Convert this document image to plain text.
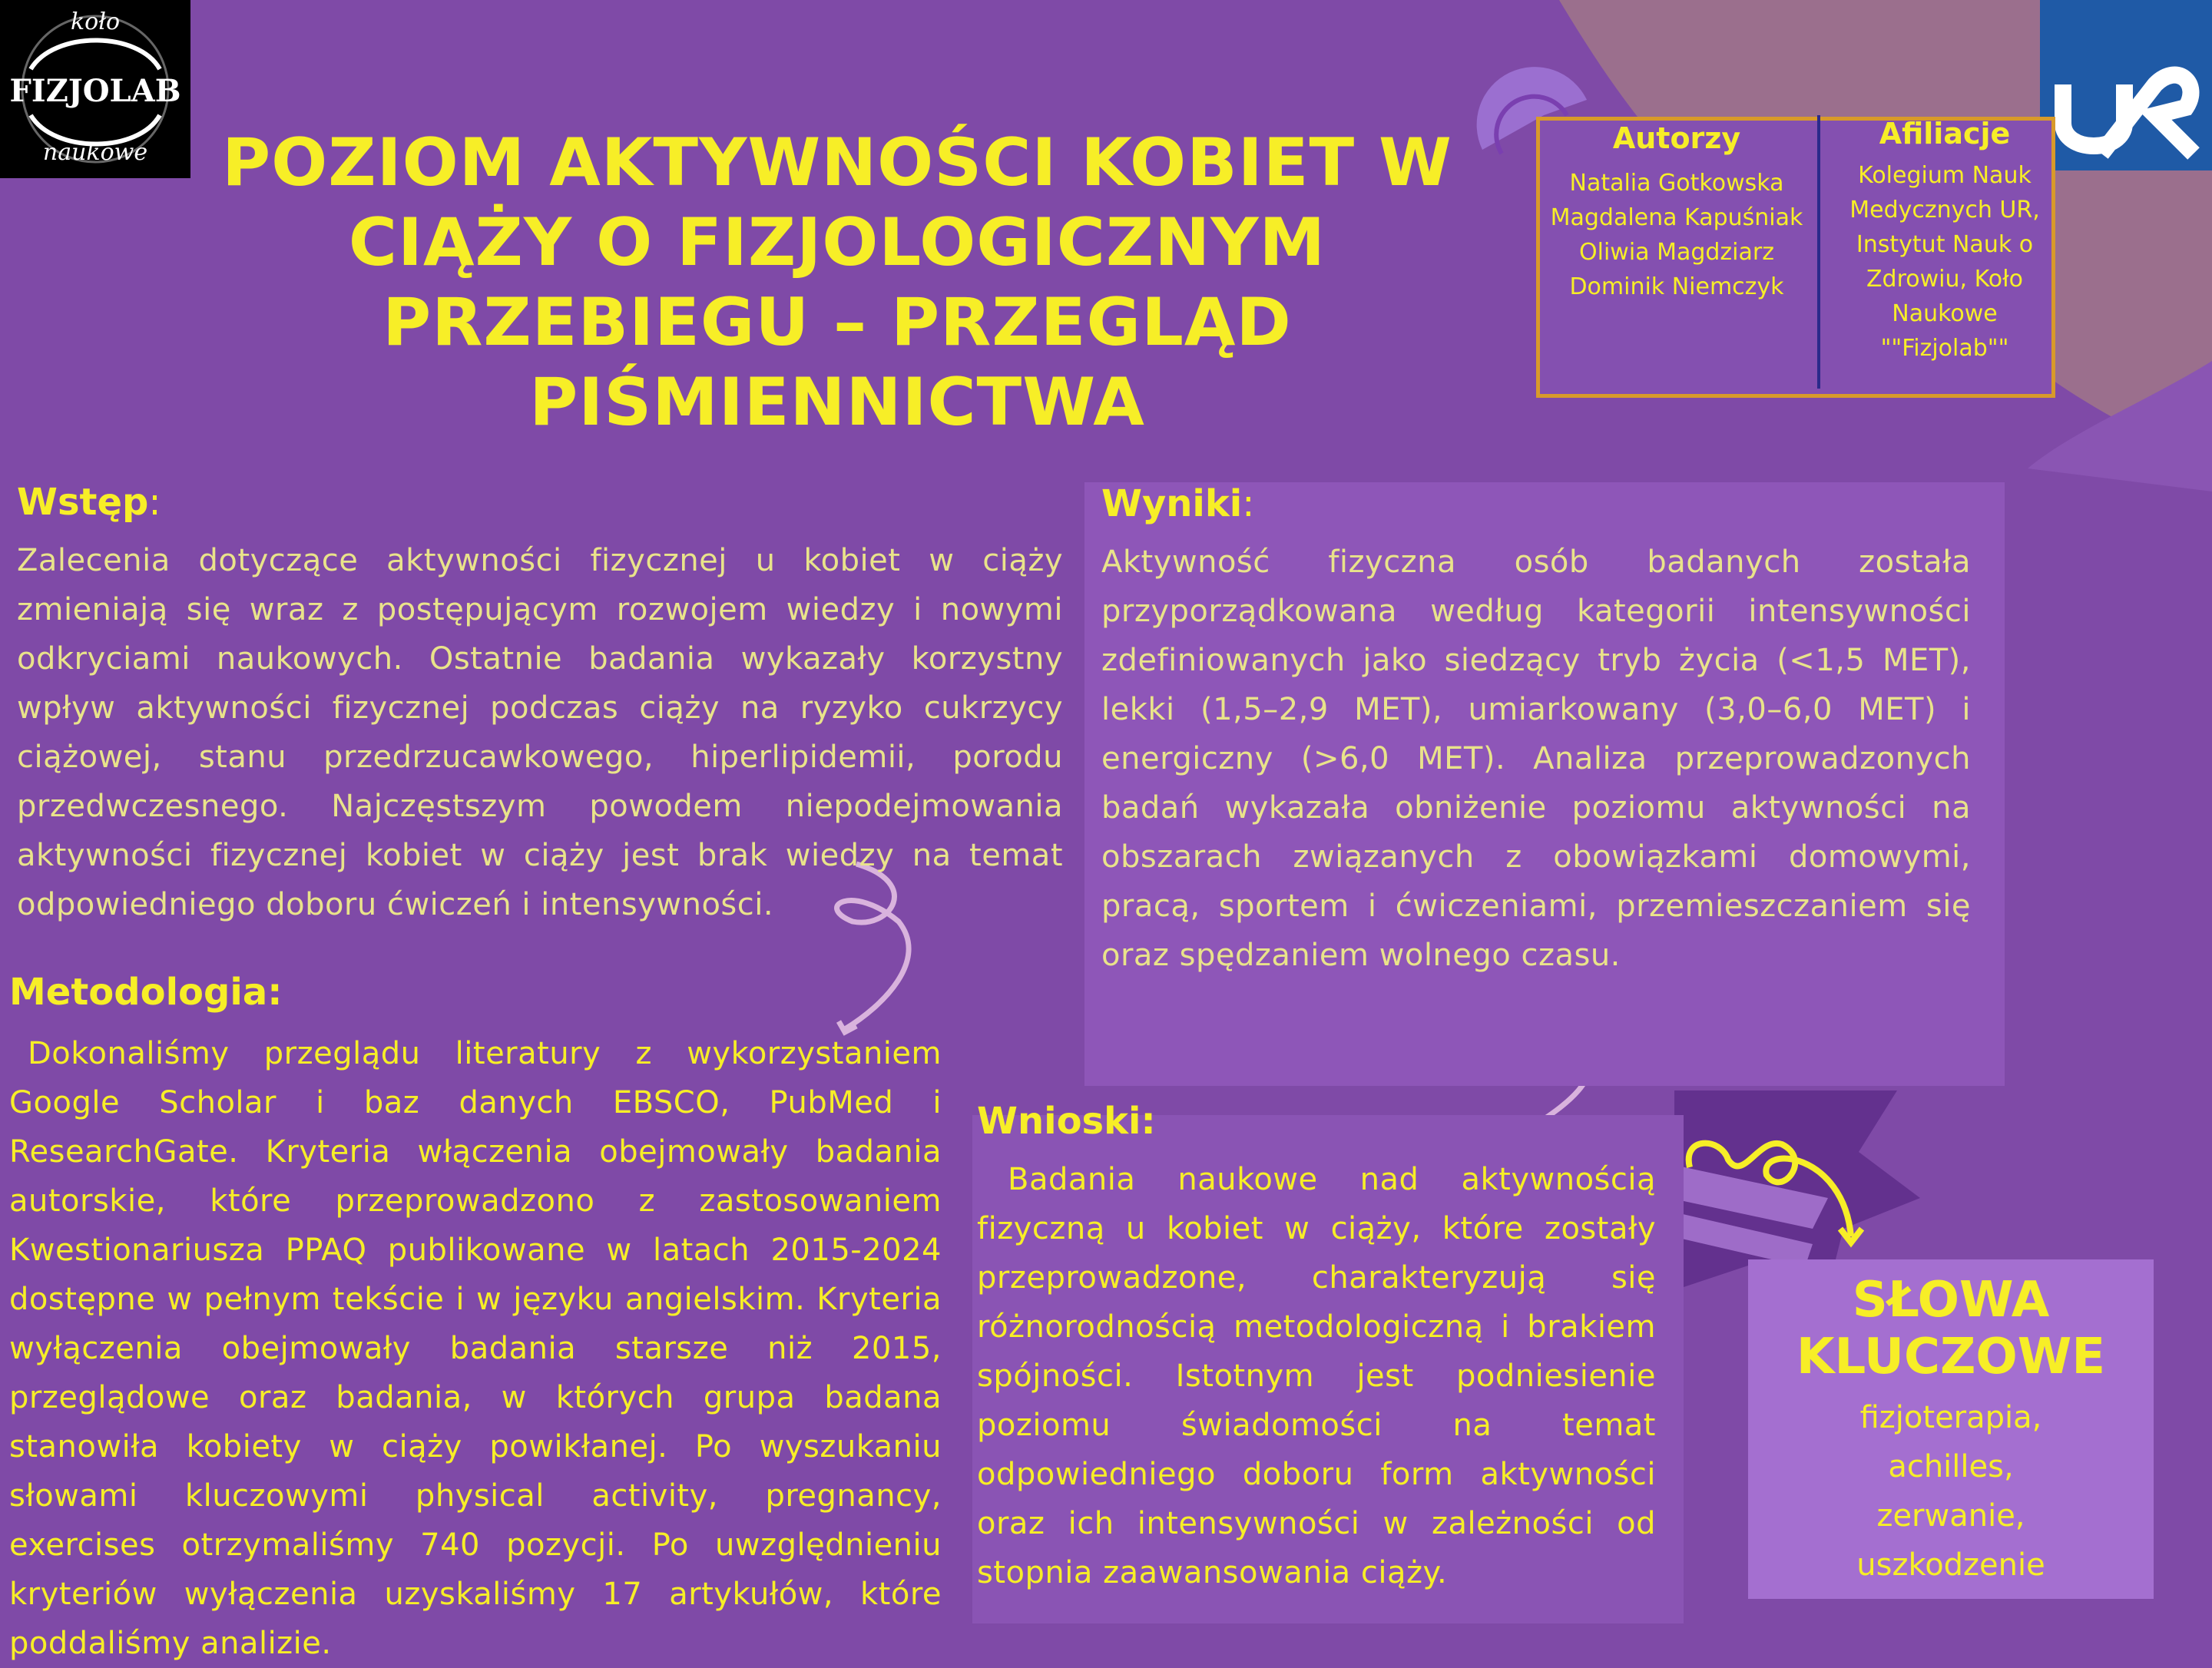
koło
FIZJOLAB
naukowe	POZIOM AKTYWNOŚCI KOBIET W CIĄŻY O FIZJOLOGICZNYM PRZEBIEGU – PRZEGLĄD PIŚMIENNICTWA

Autorzy

Natalia Gotkowska

Magdalena Kapuśniak

Oliwia Magdziarz

Dominik Niemczyk

Afiliacje

Kolegium Nauk

Medycznych UR,

Instytut Nauk o

Zdrowiu, Koło

Naukowe

""Fizjolab""

Wstęp:

Zalecenia dotyczące aktywności fizycznej u kobiet w ciąży zmieniają się wraz z postępującym rozwojem wiedzy i nowymi odkryciami naukowych. Ostatnie badania wykazały korzystny wpływ aktywności fizycznej podczas ciąży na ryzyko cukrzycy ciążowej, stanu przedrzucawkowego, hiperlipidemii, porodu przedwczesnego. Najczęstszym powodem niepodejmowania aktywności fizycznej kobiet w ciąży jest brak wiedzy na temat odpowiedniego doboru ćwiczeń i intensywności.

Wyniki:

Aktywność fizyczna osób badanych została przyporządkowana według kategorii intensywności zdefiniowanych jako siedzący tryb życia (<1,5 MET), lekki (1,5–2,9 MET), umiarkowany (3,0–6,0 MET) i energiczny (>6,0 MET). Analiza przeprowadzonych badań wykazała obniżenie poziomu aktywności na obszarach związanych z obowiązkami domowymi, pracą, sportem i ćwiczeniami, przemieszczaniem się oraz spędzaniem wolnego czasu.

Metodologia:

Dokonaliśmy przeglądu literatury z wykorzystaniem Google Scholar i baz danych EBSCO, PubMed i ResearchGate. Kryteria włączenia obejmowały badania autorskie, które przeprowadzono z zastosowaniem Kwestionariusza PPAQ publikowane w latach 2015-2024 dostępne w pełnym tekście i w języku angielskim. Kryteria wyłączenia obejmowały badania starsze niż 2015, przeglądowe oraz badania, w których grupa badana stanowiła kobiety w ciąży powikłanej. Po wyszukaniu słowami kluczowymi physical activity, pregnancy, exercises otrzymaliśmy 740 pozycji. Po uwzględnieniu kryteriów wyłączenia uzyskaliśmy 17 artykułów, które poddaliśmy analizie.

Wnioski:

Badania naukowe nad aktywnością fizyczną u kobiet w ciąży, które zostały przeprowadzone, charakteryzują się różnorodnością metodologiczną i brakiem spójności. Istotnym jest podniesienie poziomu świadomości na temat odpowiedniego doboru form aktywności oraz ich intensywności w zależności od stopnia zaawansowania ciąży.

SŁOWA
KLUCZOWE

fizjoterapia,
achilles,
zerwanie,
uszkodzenie
